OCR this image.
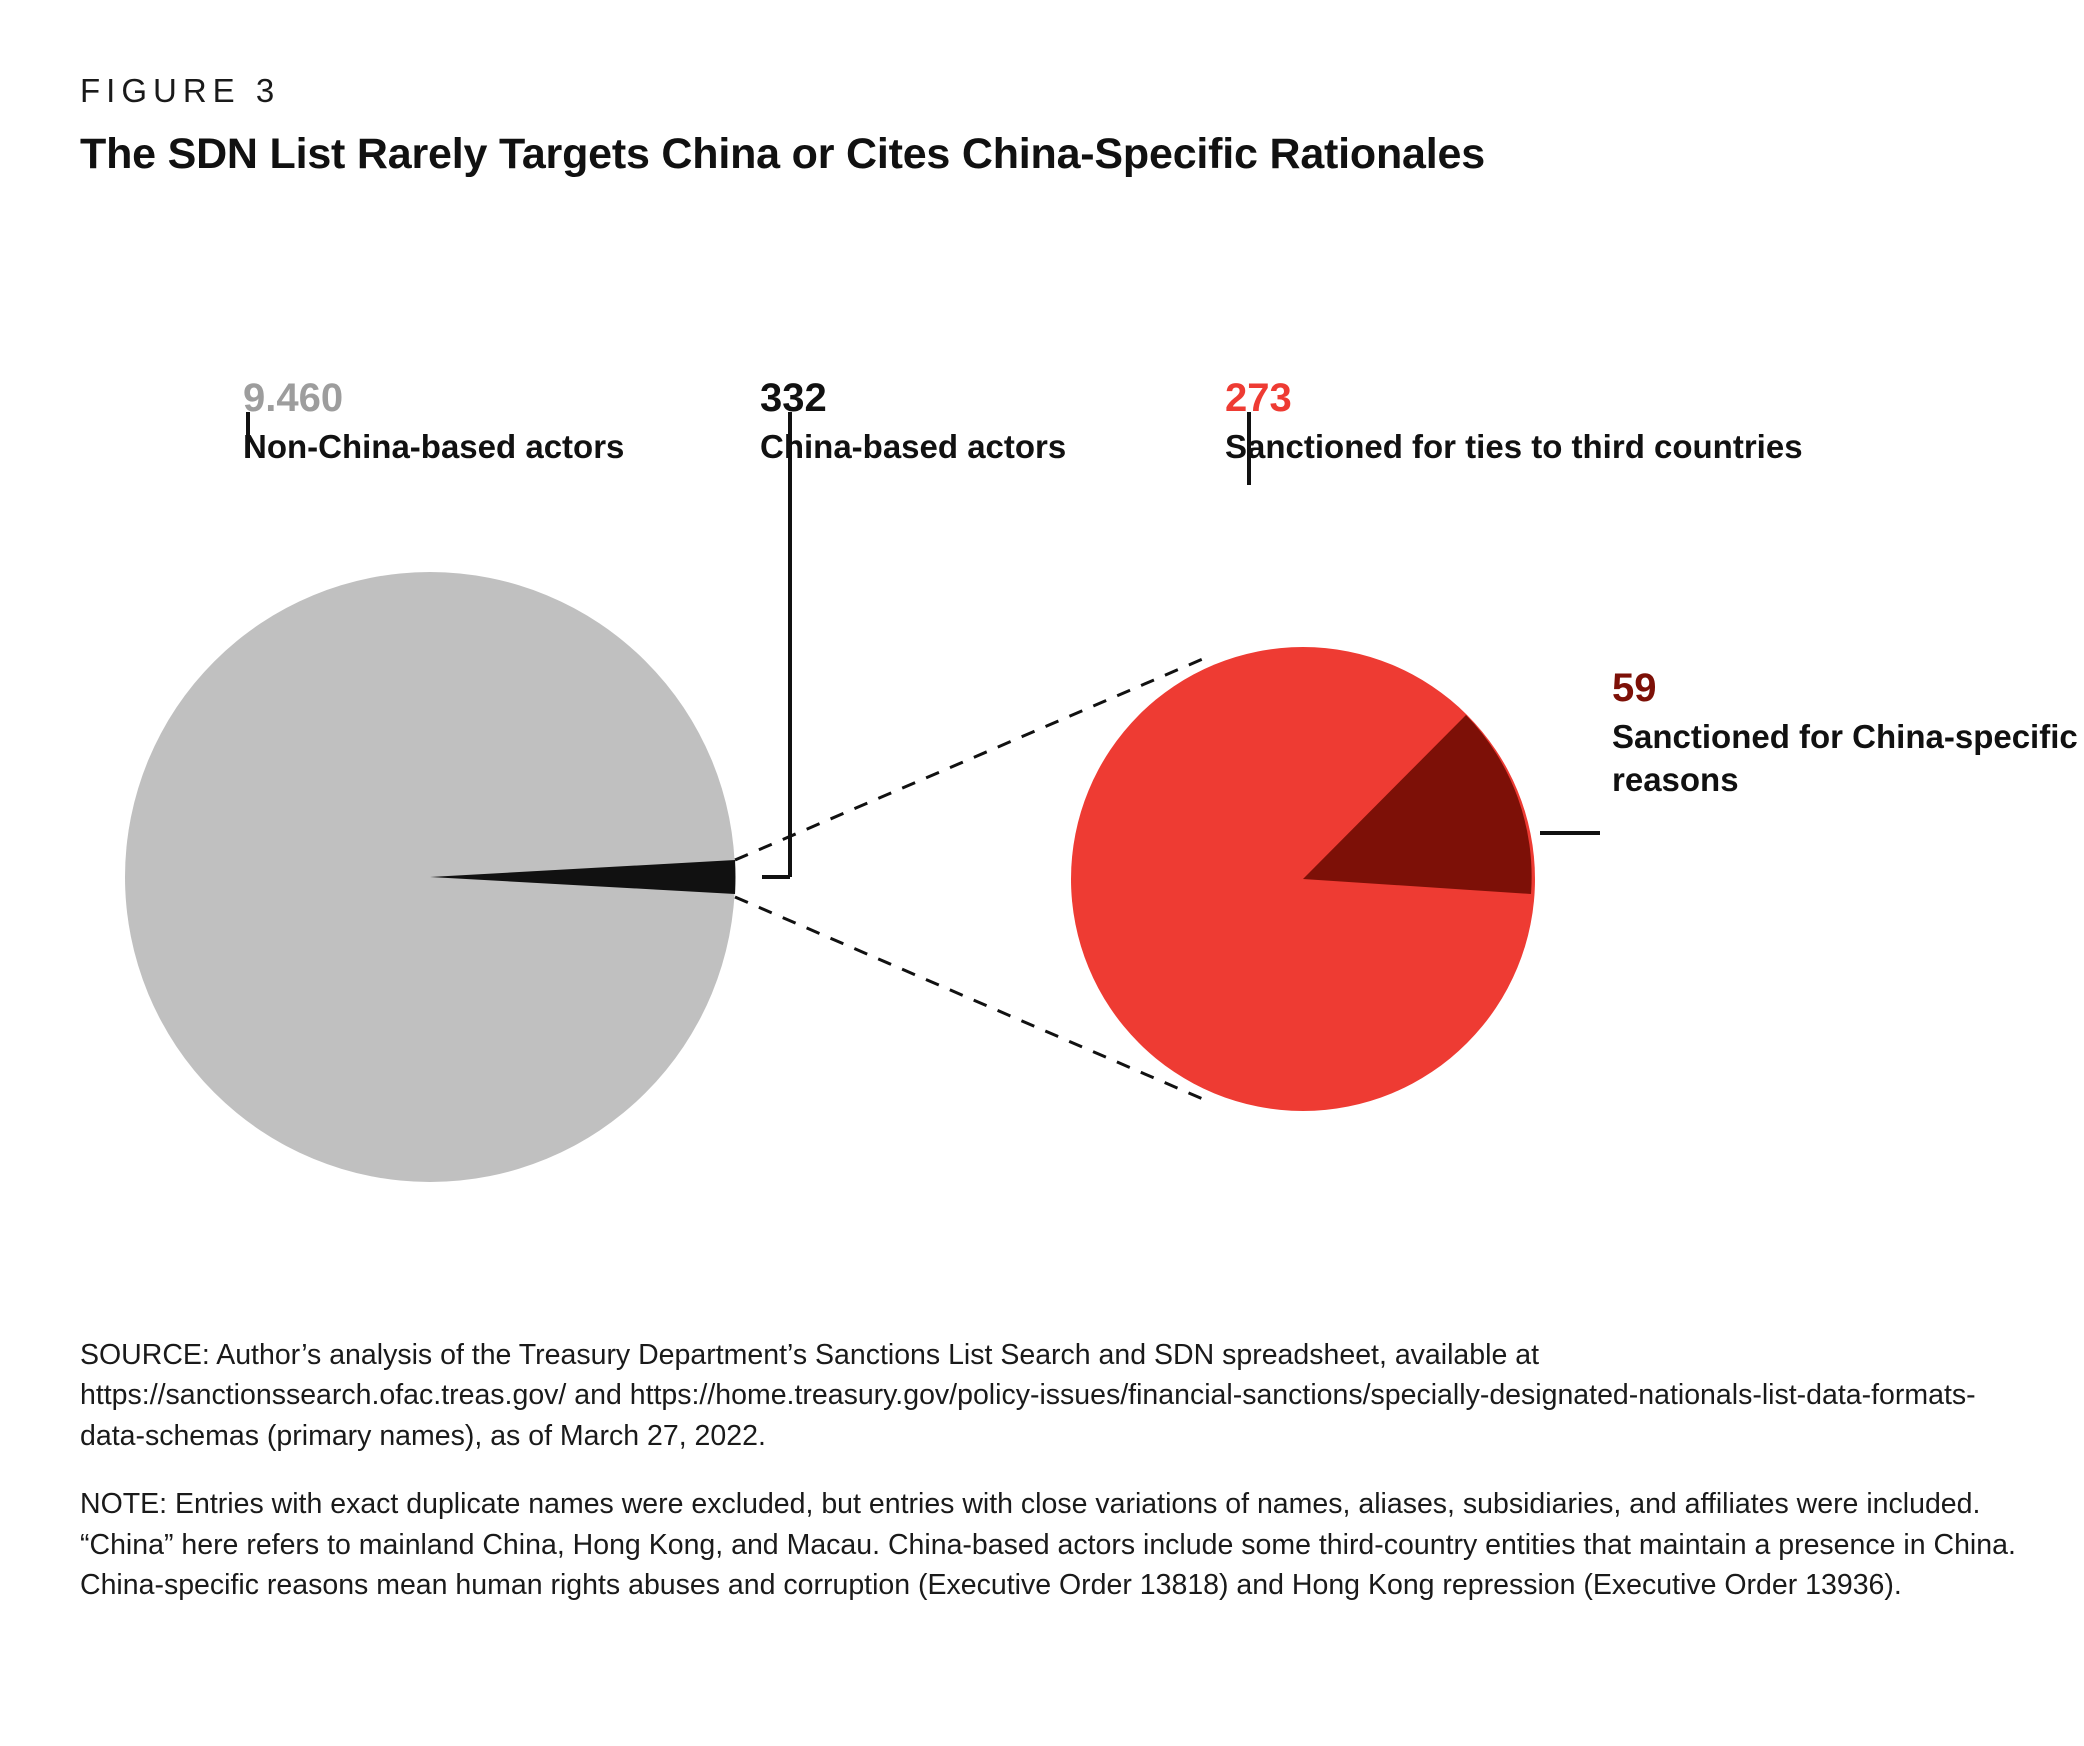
FIGURE 3
The SDN List Rarely Targets China or Cites China-Specific Rationales
9.460
Non-China-based actors
332
China-based actors
273
Sanctioned for ties to third countries
59
Sanctioned for China-specific reasons

SOURCE: Author’s analysis of the Treasury Department’s Sanctions List Search and SDN spreadsheet, available at https://sanctionssearch.ofac.treas.gov/ and https://home.treasury.gov/policy-issues/financial-sanctions/specially-designated-nationals-list-data-formats-data-schemas (primary names), as of March 27, 2022.

NOTE: Entries with exact duplicate names were excluded, but entries with close variations of names, aliases, subsidiaries, and affiliates were included. “China” here refers to mainland China, Hong Kong, and Macau. China-based actors include some third-country entities that maintain a presence in China. China-specific reasons mean human rights abuses and corruption (Executive Order 13818) and Hong Kong repression (Executive Order 13936).
